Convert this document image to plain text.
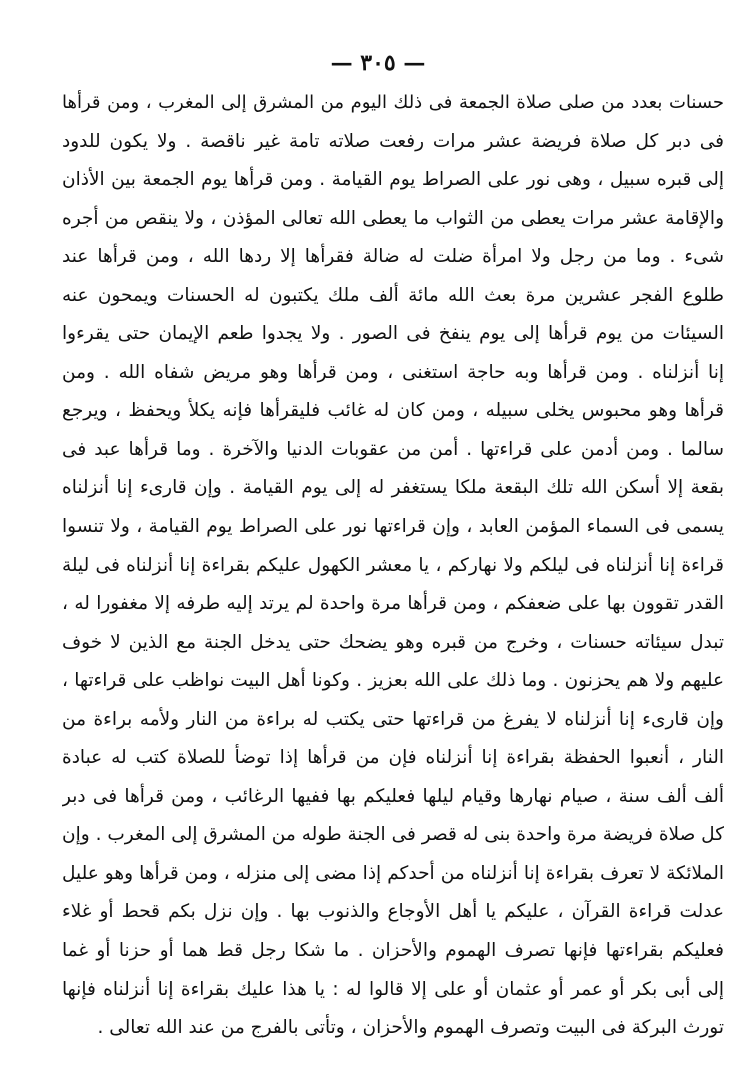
— ٣٠٥ —
حسنات بعدد من صلى صلاة الجمعة فى ذلك اليوم من المشرق إلى المغرب ، ومن قرأها
فى دبر كل صلاة فريضة عشر مرات رفعت صلاته تامة غير ناقصة . ولا يكون للدود
إلى قبره سبيل ، وهى نور على الصراط يوم القيامة . ومن قرأها يوم الجمعة بين الأذان
والإقامة عشر مرات يعطى من الثواب ما يعطى الله تعالى المؤذن ، ولا ينقص من أجره
شىء . وما من رجل ولا امرأة ضلت له ضالة فقرأها إلا ردها الله ، ومن قرأها عند
طلوع الفجر عشرين مرة بعث الله مائة ألف ملك يكتبون له الحسنات ويمحون عنه
السيئات من يوم قرأها إلى يوم ينفخ فى الصور . ولا يجدوا طعم الإيمان حتى يقرءوا
إنا أنزلناه . ومن قرأها وبه حاجة استغنى ، ومن قرأها وهو مريض شفاه الله . ومن
قرأها وهو محبوس يخلى سبيله ، ومن كان له غائب فليقرأها فإنه يكلأ ويحفظ ، ويرجع
سالما . ومن أدمن على قراءتها . أمن من عقوبات الدنيا والآخرة . وما قرأها عبد فى
بقعة إلا أسكن الله تلك البقعة ملكا يستغفر له إلى يوم القيامة . وإن قارىء إنا أنزلناه
يسمى فى السماء المؤمن العابد ، وإن قراءتها نور على الصراط يوم القيامة ، ولا تنسوا
قراءة إنا أنزلناه فى ليلكم ولا نهاركم ، يا معشر الكهول عليكم بقراءة إنا أنزلناه فى ليلة
القدر تقوون بها على ضعفكم ، ومن قرأها مرة واحدة لم يرتد إليه طرفه إلا مغفورا له ،
تبدل سيئاته حسنات ، وخرج من قبره وهو يضحك حتى يدخل الجنة مع الذين لا خوف
عليهم ولا هم يحزنون . وما ذلك على الله بعزيز . وكونا أهل البيت نواظب على قراءتها ،
وإن قارىء إنا أنزلناه لا يفرغ من قراءتها حتى يكتب له براءة من النار ولأمه براءة من
النار ، أنعبوا الحفظة بقراءة إنا أنزلناه فإن من قرأها إذا توضأ للصلاة كتب له عبادة
ألف ألف سنة ، صيام نهارها وقيام ليلها فعليكم بها ففيها الرغائب ، ومن قرأها فى دبر
كل صلاة فريضة مرة واحدة بنى له قصر فى الجنة طوله من المشرق إلى المغرب . وإن
الملائكة لا تعرف بقراءة إنا أنزلناه من أحدكم إذا مضى إلى منزله ، ومن قرأها وهو عليل
عدلت قراءة القرآن ، عليكم يا أهل الأوجاع والذنوب بها . وإن نزل بكم قحط أو غلاء
فعليكم بقراءتها فإنها تصرف الهموم والأحزان . ما شكا رجل قط هما أو حزنا أو غما
إلى أبى بكر أو عمر أو عثمان أو على إلا قالوا له : يا هذا عليك بقراءة إنا أنزلناه فإنها
تورث البركة فى البيت وتصرف الهموم والأحزان ، وتأتى بالفرج من عند الله تعالى .
